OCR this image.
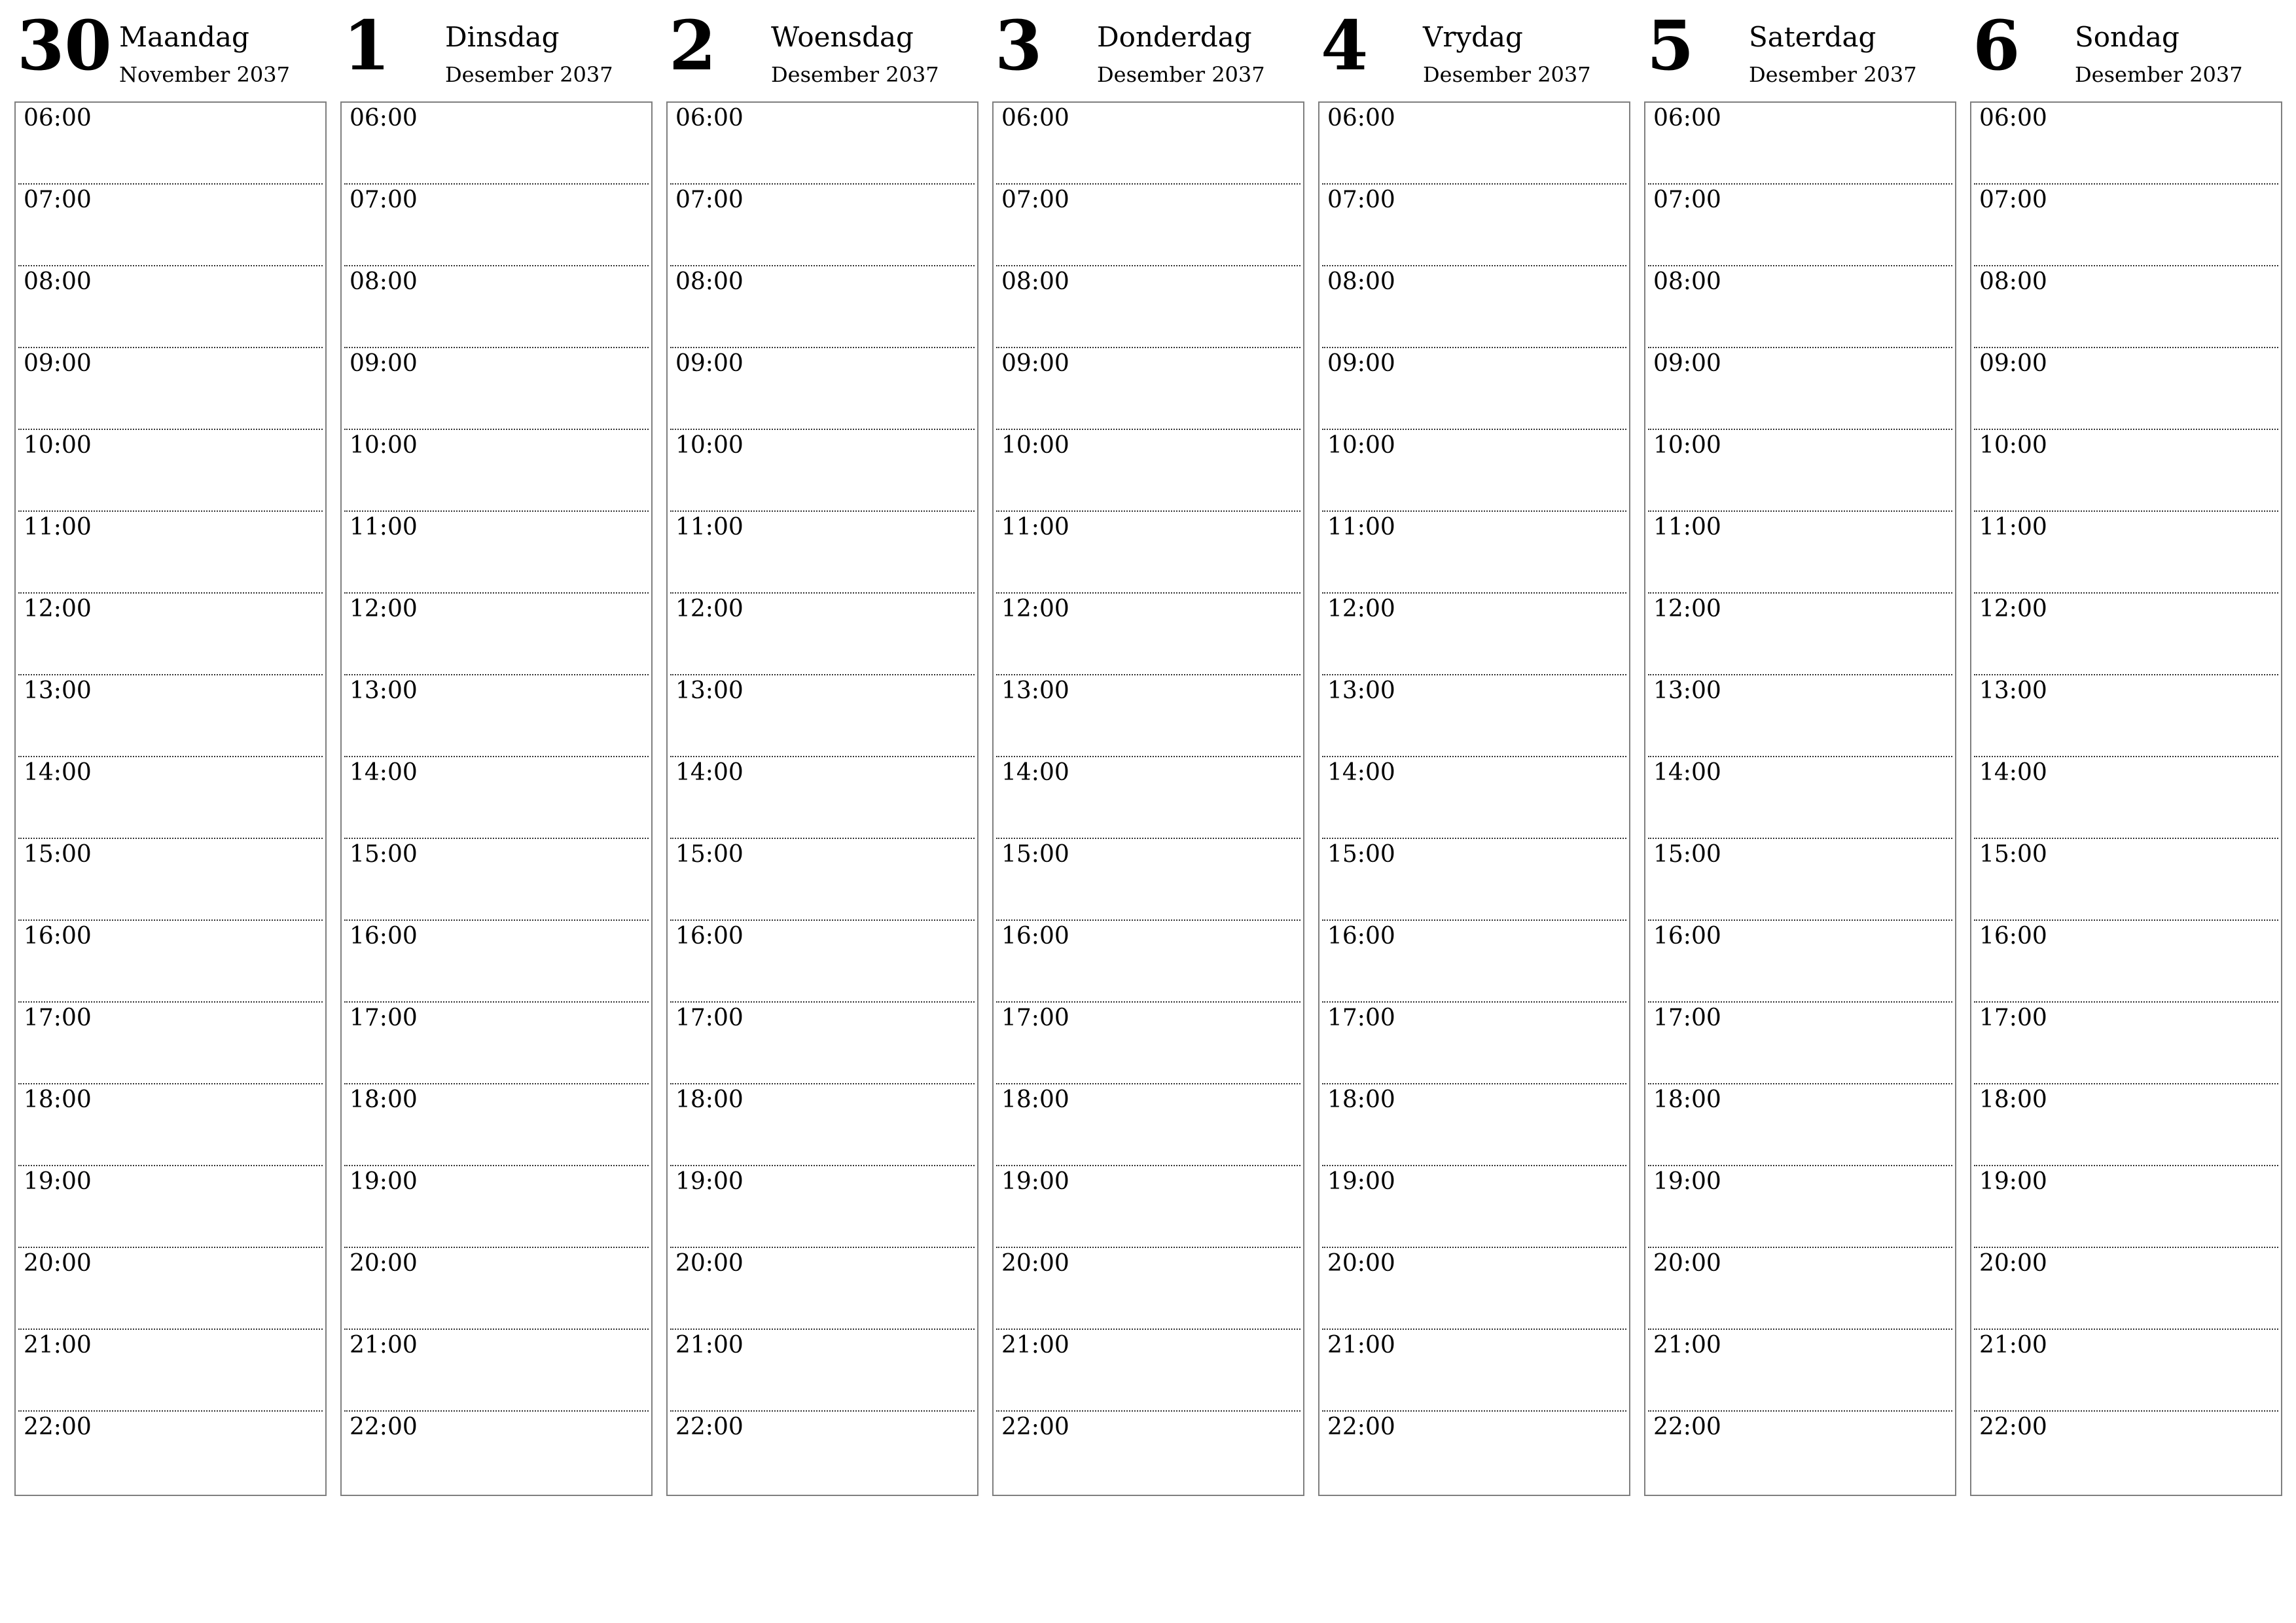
30 Maandag
November 2037
06:00
07:00
08:00
09:00
10:00
11:00
12:00
13:00
14:00
15:00
16:00
17:00
18:00
19:00
20:00
21:00
22:00
1 Dinsdag
Desember 2037
06:00
07:00
08:00
09:00
10:00
11:00
12:00
13:00
14:00
15:00
16:00
17:00
18:00
19:00
20:00
21:00
22:00
2 Woensdag
Desember 2037
06:00
07:00
08:00
09:00
10:00
11:00
12:00
13:00
14:00
15:00
16:00
17:00
18:00
19:00
20:00
21:00
22:00
3 Donderdag
Desember 2037
06:00
07:00
08:00
09:00
10:00
11:00
12:00
13:00
14:00
15:00
16:00
17:00
18:00
19:00
20:00
21:00
22:00
4 Vrydag
Desember 2037
06:00
07:00
08:00
09:00
10:00
11:00
12:00
13:00
14:00
15:00
16:00
17:00
18:00
19:00
20:00
21:00
22:00
5 Saterdag
Desember 2037
06:00
07:00
08:00
09:00
10:00
11:00
12:00
13:00
14:00
15:00
16:00
17:00
18:00
19:00
20:00
21:00
22:00
6 Sondag
Desember 2037
06:00
07:00
08:00
09:00
10:00
11:00
12:00
13:00
14:00
15:00
16:00
17:00
18:00
19:00
20:00
21:00
22:00
